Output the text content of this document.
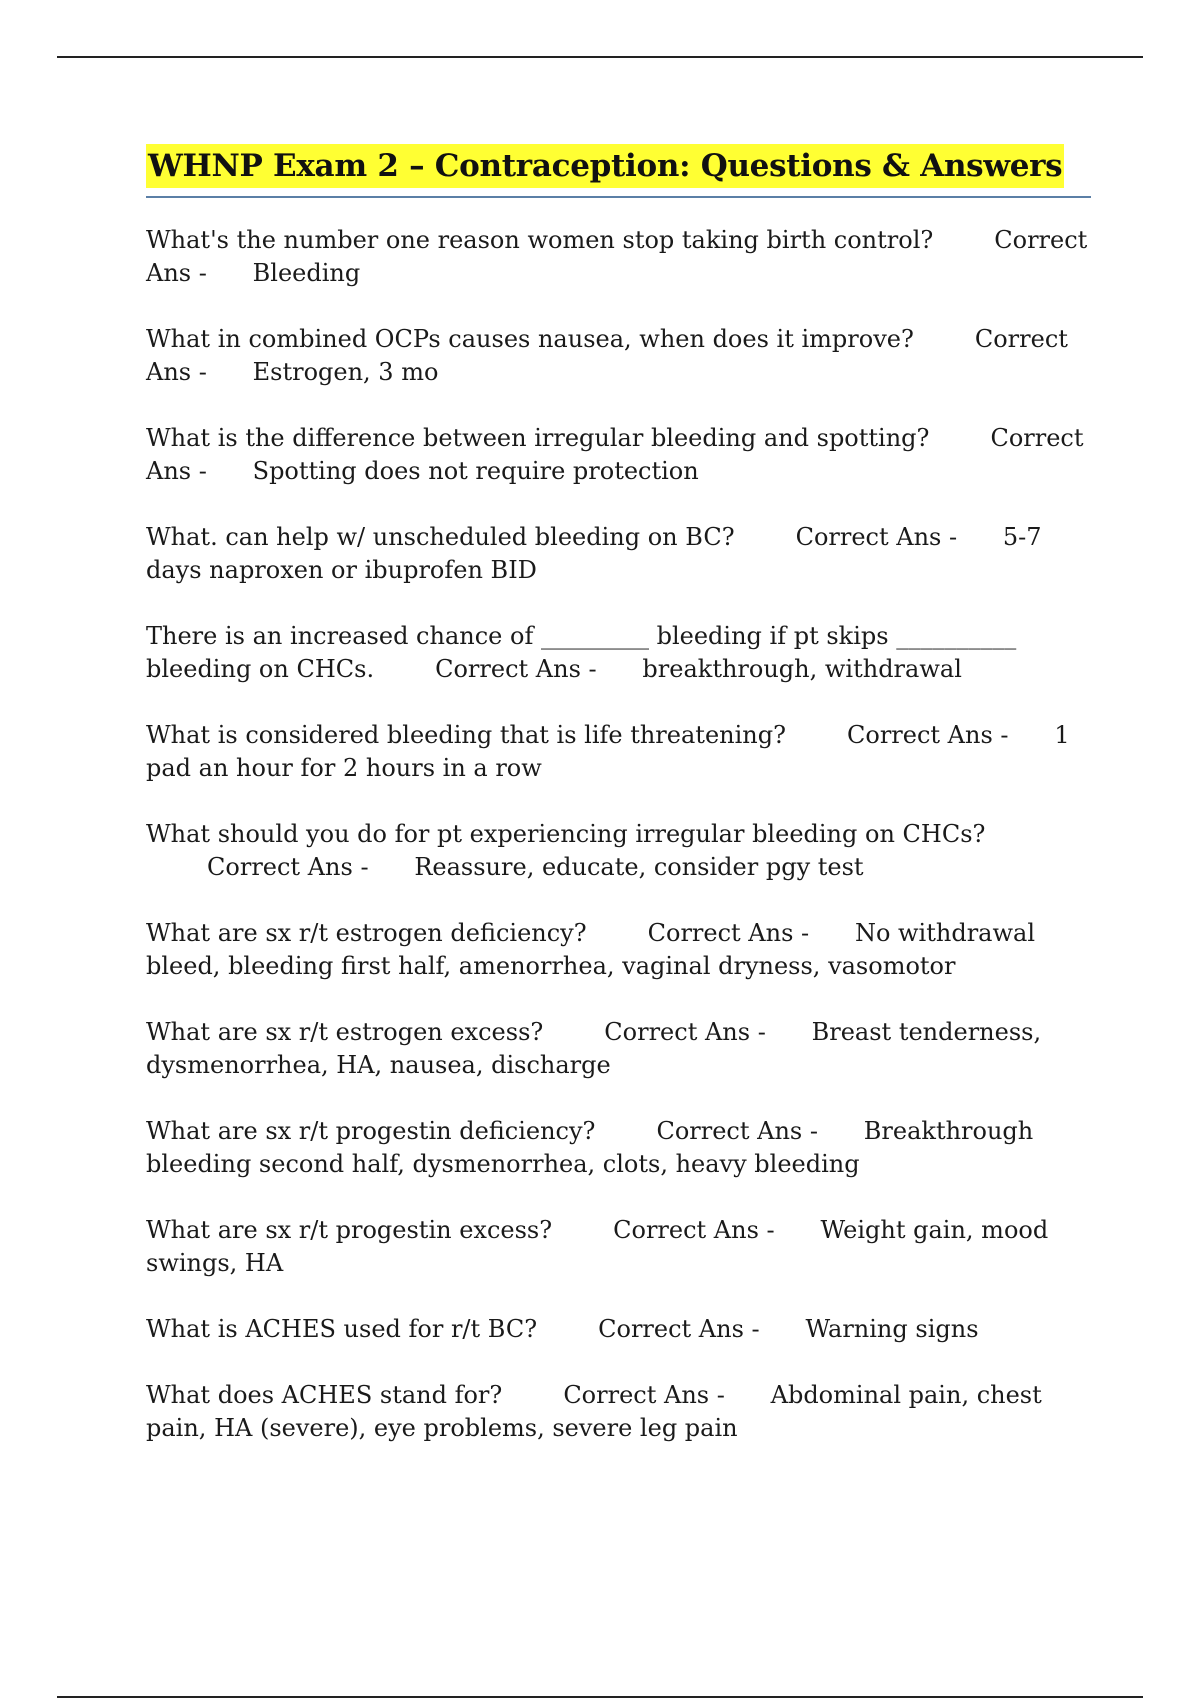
WHNP Exam 2 – Contraception: Questions & Answers

What's the number one reason women stop taking birth control?	Correct Ans - Bleeding

What in combined OCPs causes nausea, when does it improve?	Correct Ans - Estrogen, 3 mo

What is the difference between irregular bleeding and spotting?	Correct Ans - Spotting does not require protection

What. can help w/ unscheduled bleeding on BC?	Correct Ans - 5-7 days naproxen or ibuprofen BID

There is an increased chance of _________ bleeding if pt skips __________ bleeding on CHCs.	Correct Ans - breakthrough, withdrawal

What is considered bleeding that is life threatening?	Correct Ans - 1 pad an hour for 2 hours in a row

What should you do for pt experiencing irregular bleeding on CHCs?        Correct Ans - Reassure, educate, consider pgy test

What are sx r/t estrogen deficiency?	Correct Ans - No withdrawal bleed, bleeding first half, amenorrhea, vaginal dryness, vasomotor

What are sx r/t estrogen excess?	Correct Ans - Breast tenderness, dysmenorrhea, HA, nausea, discharge

What are sx r/t progestin deficiency?	Correct Ans - Breakthrough bleeding second half, dysmenorrhea, clots, heavy bleeding

What are sx r/t progestin excess?	Correct Ans - Weight gain, mood swings, HA

What is ACHES used for r/t BC?	Correct Ans - Warning signs

What does ACHES stand for?	Correct Ans - Abdominal pain, chest pain, HA (severe), eye problems, severe leg pain
